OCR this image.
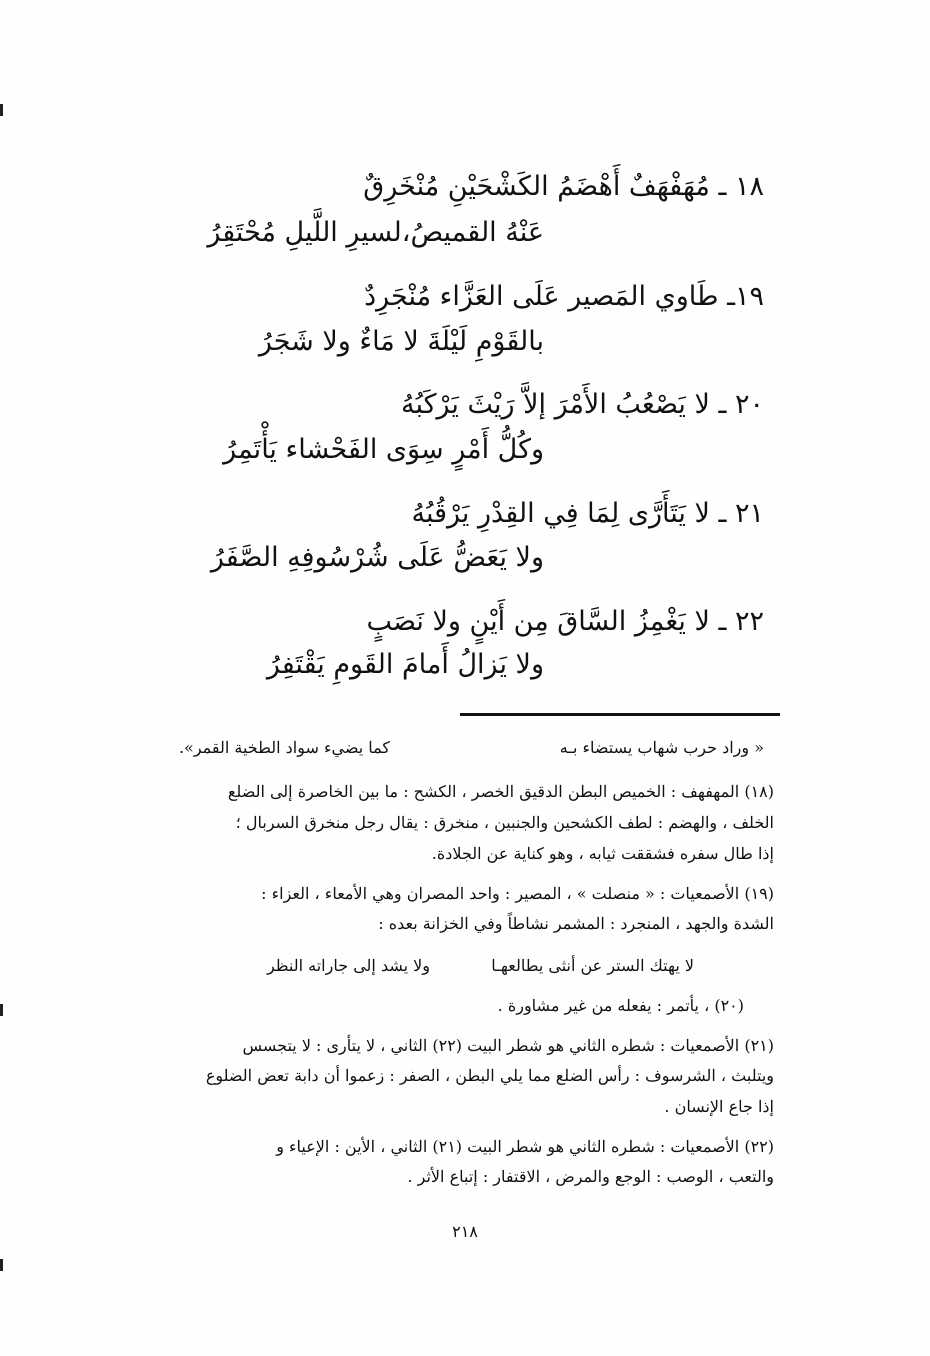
١٨ ـ مُهَفْهَفٌ أَهْضَمُ الكَشْحَيْنِ مُنْخَرِقٌ
عَنْهُ القميصُ،لسيرِ اللَّيلِ مُحْتَقِرُ
١٩ـ طَاوي المَصير عَلَى العَزَّاء مُنْجَرِدٌ
بالقَوْمِ لَيْلَةَ لا مَاءٌ ولا شَجَرُ
٢٠ ـ لا يَصْعُبُ الأَمْرَ إلاَّ رَيْثَ يَرْكَبُهُ
وكُلُّ أَمْرٍ سِوَى الفَحْشاء يَأْتَمِرُ
٢١ ـ لا يَتَأَرَّى لِمَا فِي القِدْرِ يَرْقُبُهُ
ولا يَعَضُّ عَلَى شُرْسُوفِهِ الصَّفَرُ
٢٢ ـ لا يَغْمِزُ السَّاقَ مِن أَيْنٍ ولا نَصَبٍ
ولا يَزالُ أَمامَ القَومِ يَقْتَفِرُ
« وراد حرب شهاب يستضاء بـه
كما يضيء سواد الطخية القمر».
(١٨) المهفهف : الخميص البطن الدقيق الخصر ، الكشح : ما بين الخاصرة إلى الضلع
الخلف ، والهضم : لطف الكشحين والجنبين ، منخرق : يقال رجل منخرق السربال ؛
إذا طال سفره فشققت ثيابه ، وهو كناية عن الجلادة.
(١٩) الأصمعيات : « منصلت » ، المصير : واحد المصران وهي الأمعاء ، العزاء :
الشدة والجهد ، المنجرد : المشمر نشاطاً وفي الخزانة بعده :
لا يهتك الستر عن أنثى يطالعهـا
ولا يشد إلى جاراته النظر
(٢٠) ، يأتمر : يفعله من غير مشاورة .
(٢١) الأصمعيات : شطره الثاني هو شطر البيت (٢٢) الثاني ، لا يتأرى : لا يتجسس
ويتلبث ، الشرسوف : رأس الضلع مما يلي البطن ، الصفر : زعموا أن دابة تعض الضلوع
إذا جاع الإنسان .
(٢٢) الأصمعيات : شطره الثاني هو شطر البيت (٢١) الثاني ، الأين : الإعياء و
والتعب ، الوصب : الوجع والمرض ، الاقتفار : إتباع الأثر .
٢١٨
